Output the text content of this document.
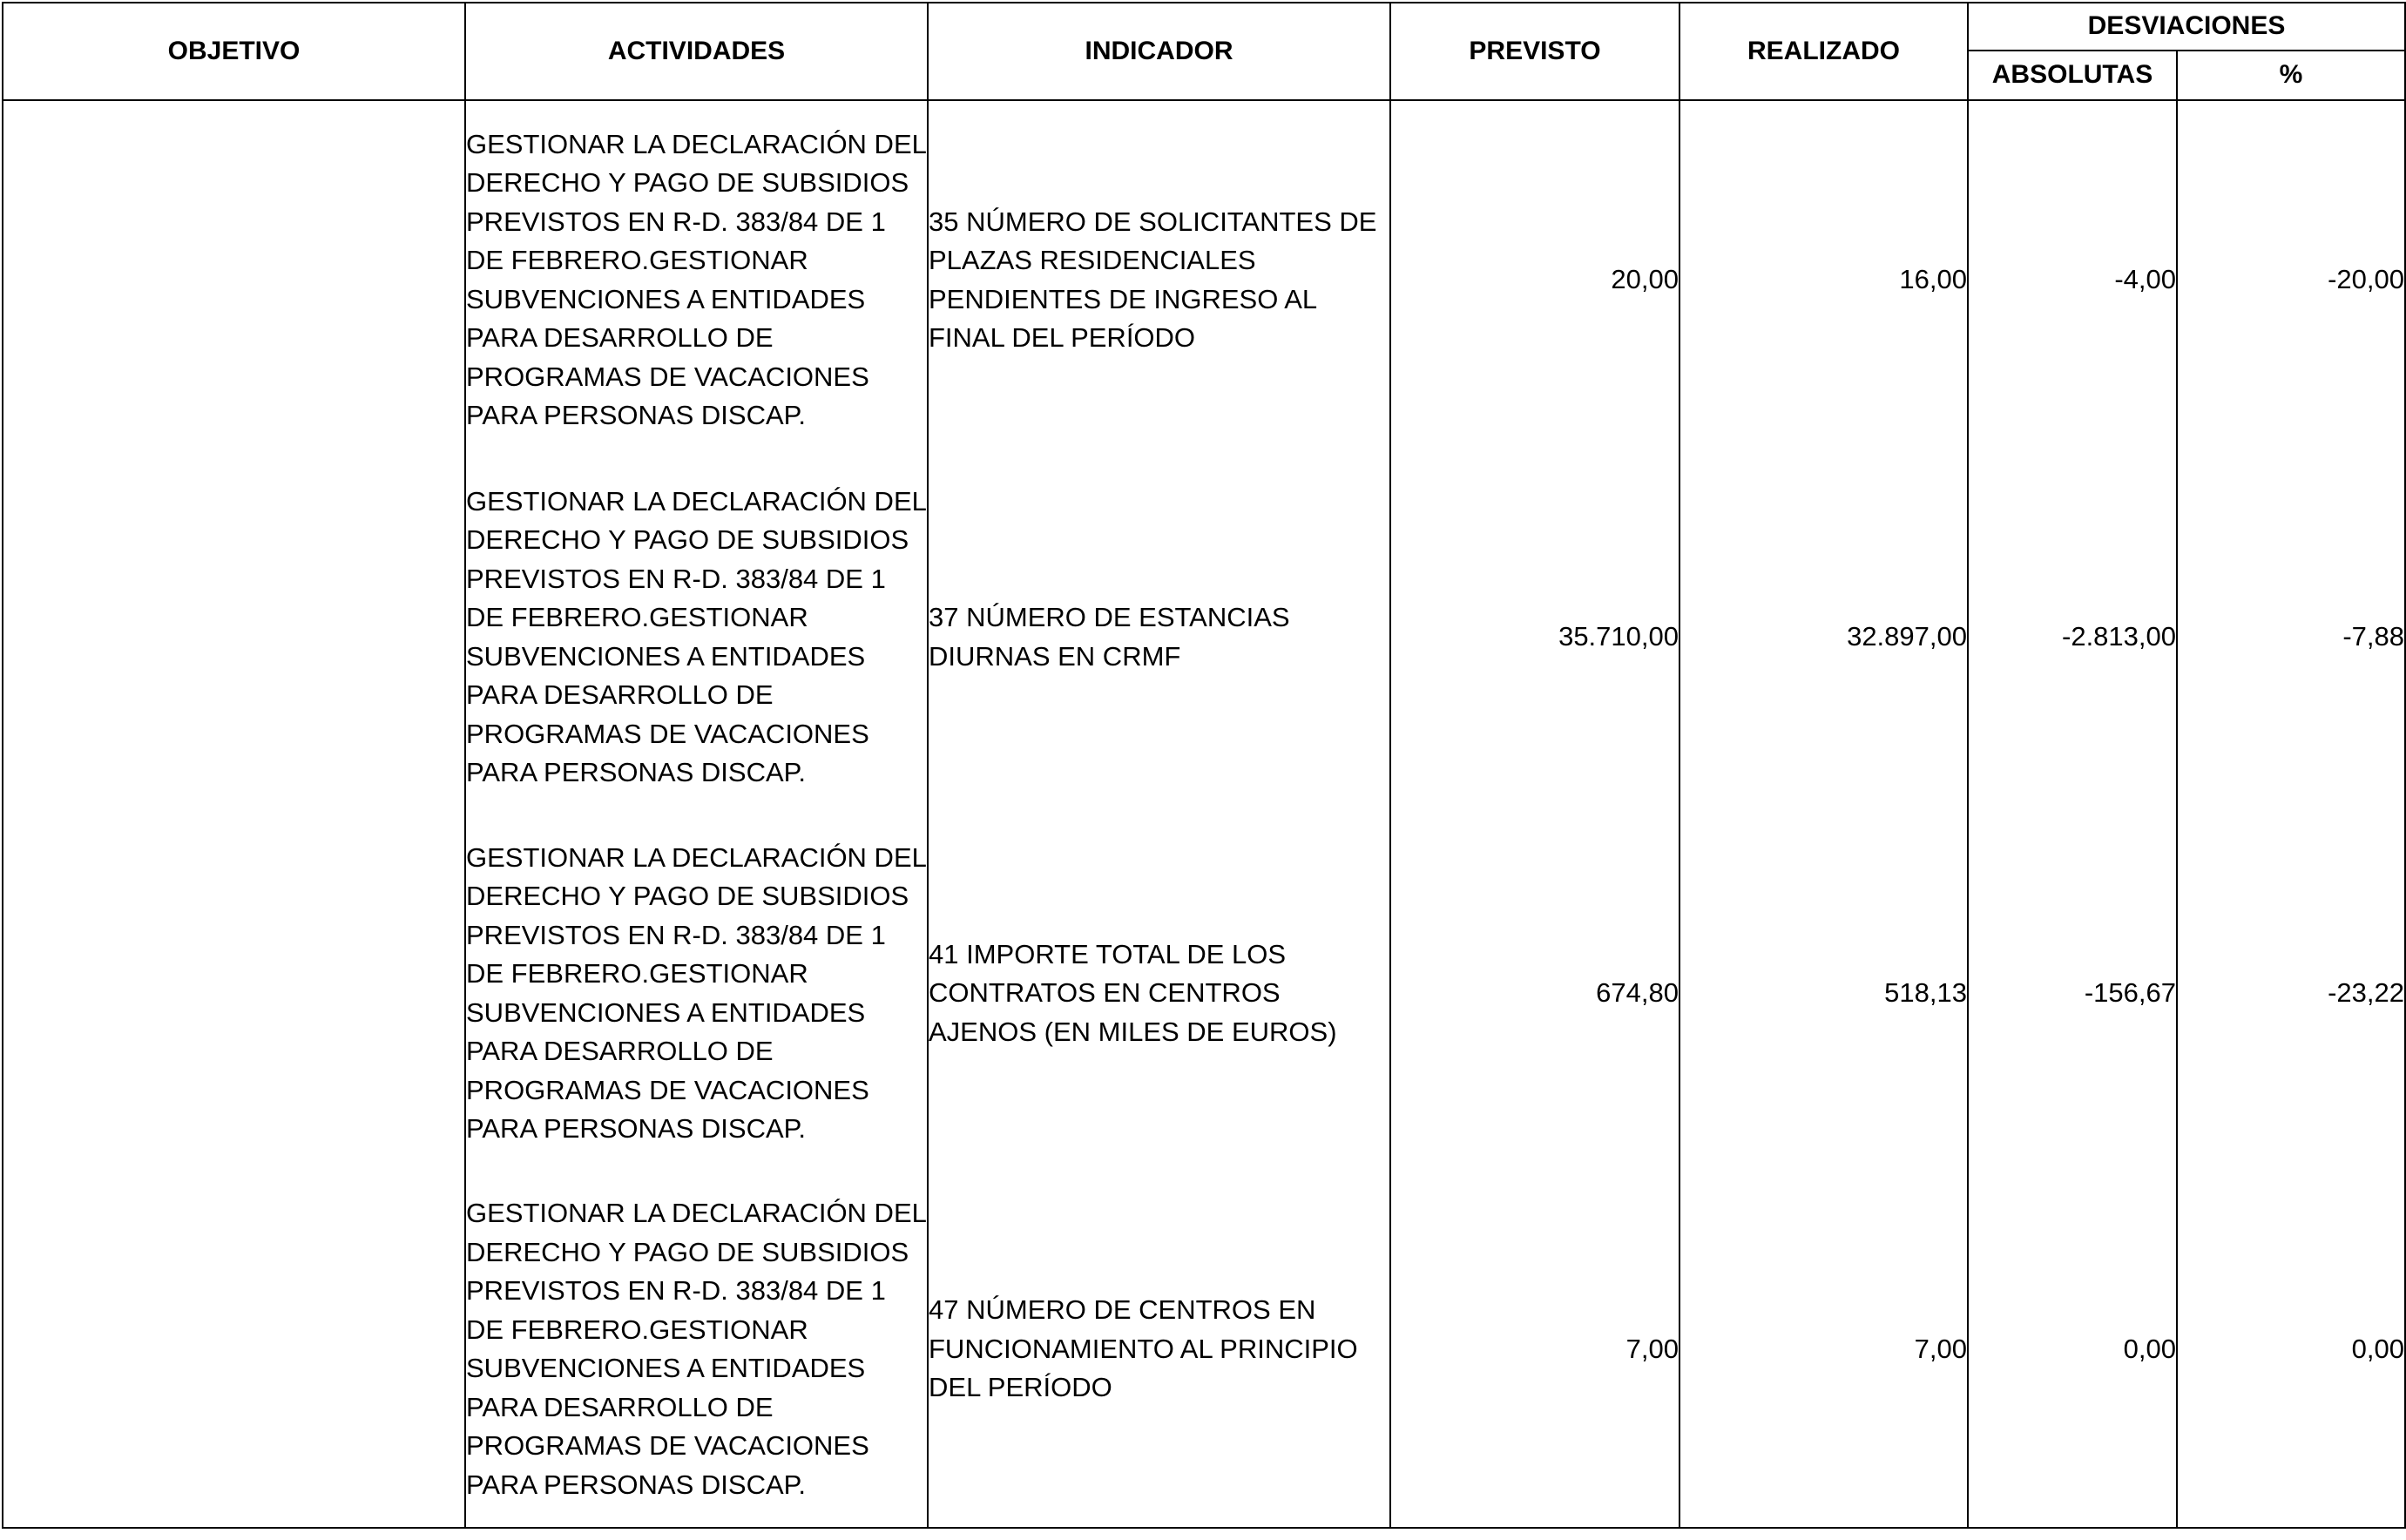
OBJETIVO	ACTIVIDADES	INDICADOR	PREVISTO	REALIZADO	DESVIACIONES	
					ABSOLUTAS	%
	GESTIONAR LA DECLARACIÓN DEL DERECHO Y PAGO DE SUBSIDIOS PREVISTOS EN R-D. 383/84 DE 1 DE FEBRERO.GESTIONAR SUBVENCIONES A ENTIDADES PARA DESARROLLO DE PROGRAMAS DE VACACIONES PARA PERSONAS DISCAP.	35 NÚMERO DE SOLICITANTES DE PLAZAS RESIDENCIALES PENDIENTES DE INGRESO AL FINAL DEL PERÍODO	20,00	16,00	-4,00	-20,00
	GESTIONAR LA DECLARACIÓN DEL DERECHO Y PAGO DE SUBSIDIOS PREVISTOS EN R-D. 383/84 DE 1 DE FEBRERO.GESTIONAR SUBVENCIONES A ENTIDADES PARA DESARROLLO DE PROGRAMAS DE VACACIONES PARA PERSONAS DISCAP.	37 NÚMERO DE ESTANCIAS DIURNAS EN CRMF	35.710,00	32.897,00	-2.813,00	-7,88
	GESTIONAR LA DECLARACIÓN DEL DERECHO Y PAGO DE SUBSIDIOS PREVISTOS EN R-D. 383/84 DE 1 DE FEBRERO.GESTIONAR SUBVENCIONES A ENTIDADES PARA DESARROLLO DE PROGRAMAS DE VACACIONES PARA PERSONAS DISCAP.	41 IMPORTE TOTAL DE LOS CONTRATOS EN CENTROS AJENOS (EN MILES DE EUROS)	674,80	518,13	-156,67	-23,22
	GESTIONAR LA DECLARACIÓN DEL DERECHO Y PAGO DE SUBSIDIOS PREVISTOS EN R-D. 383/84 DE 1 DE FEBRERO.GESTIONAR SUBVENCIONES A ENTIDADES PARA DESARROLLO DE PROGRAMAS DE VACACIONES PARA PERSONAS DISCAP.	47 NÚMERO DE CENTROS EN FUNCIONAMIENTO AL PRINCIPIO DEL PERÍODO	7,00	7,00	0,00	0,00
